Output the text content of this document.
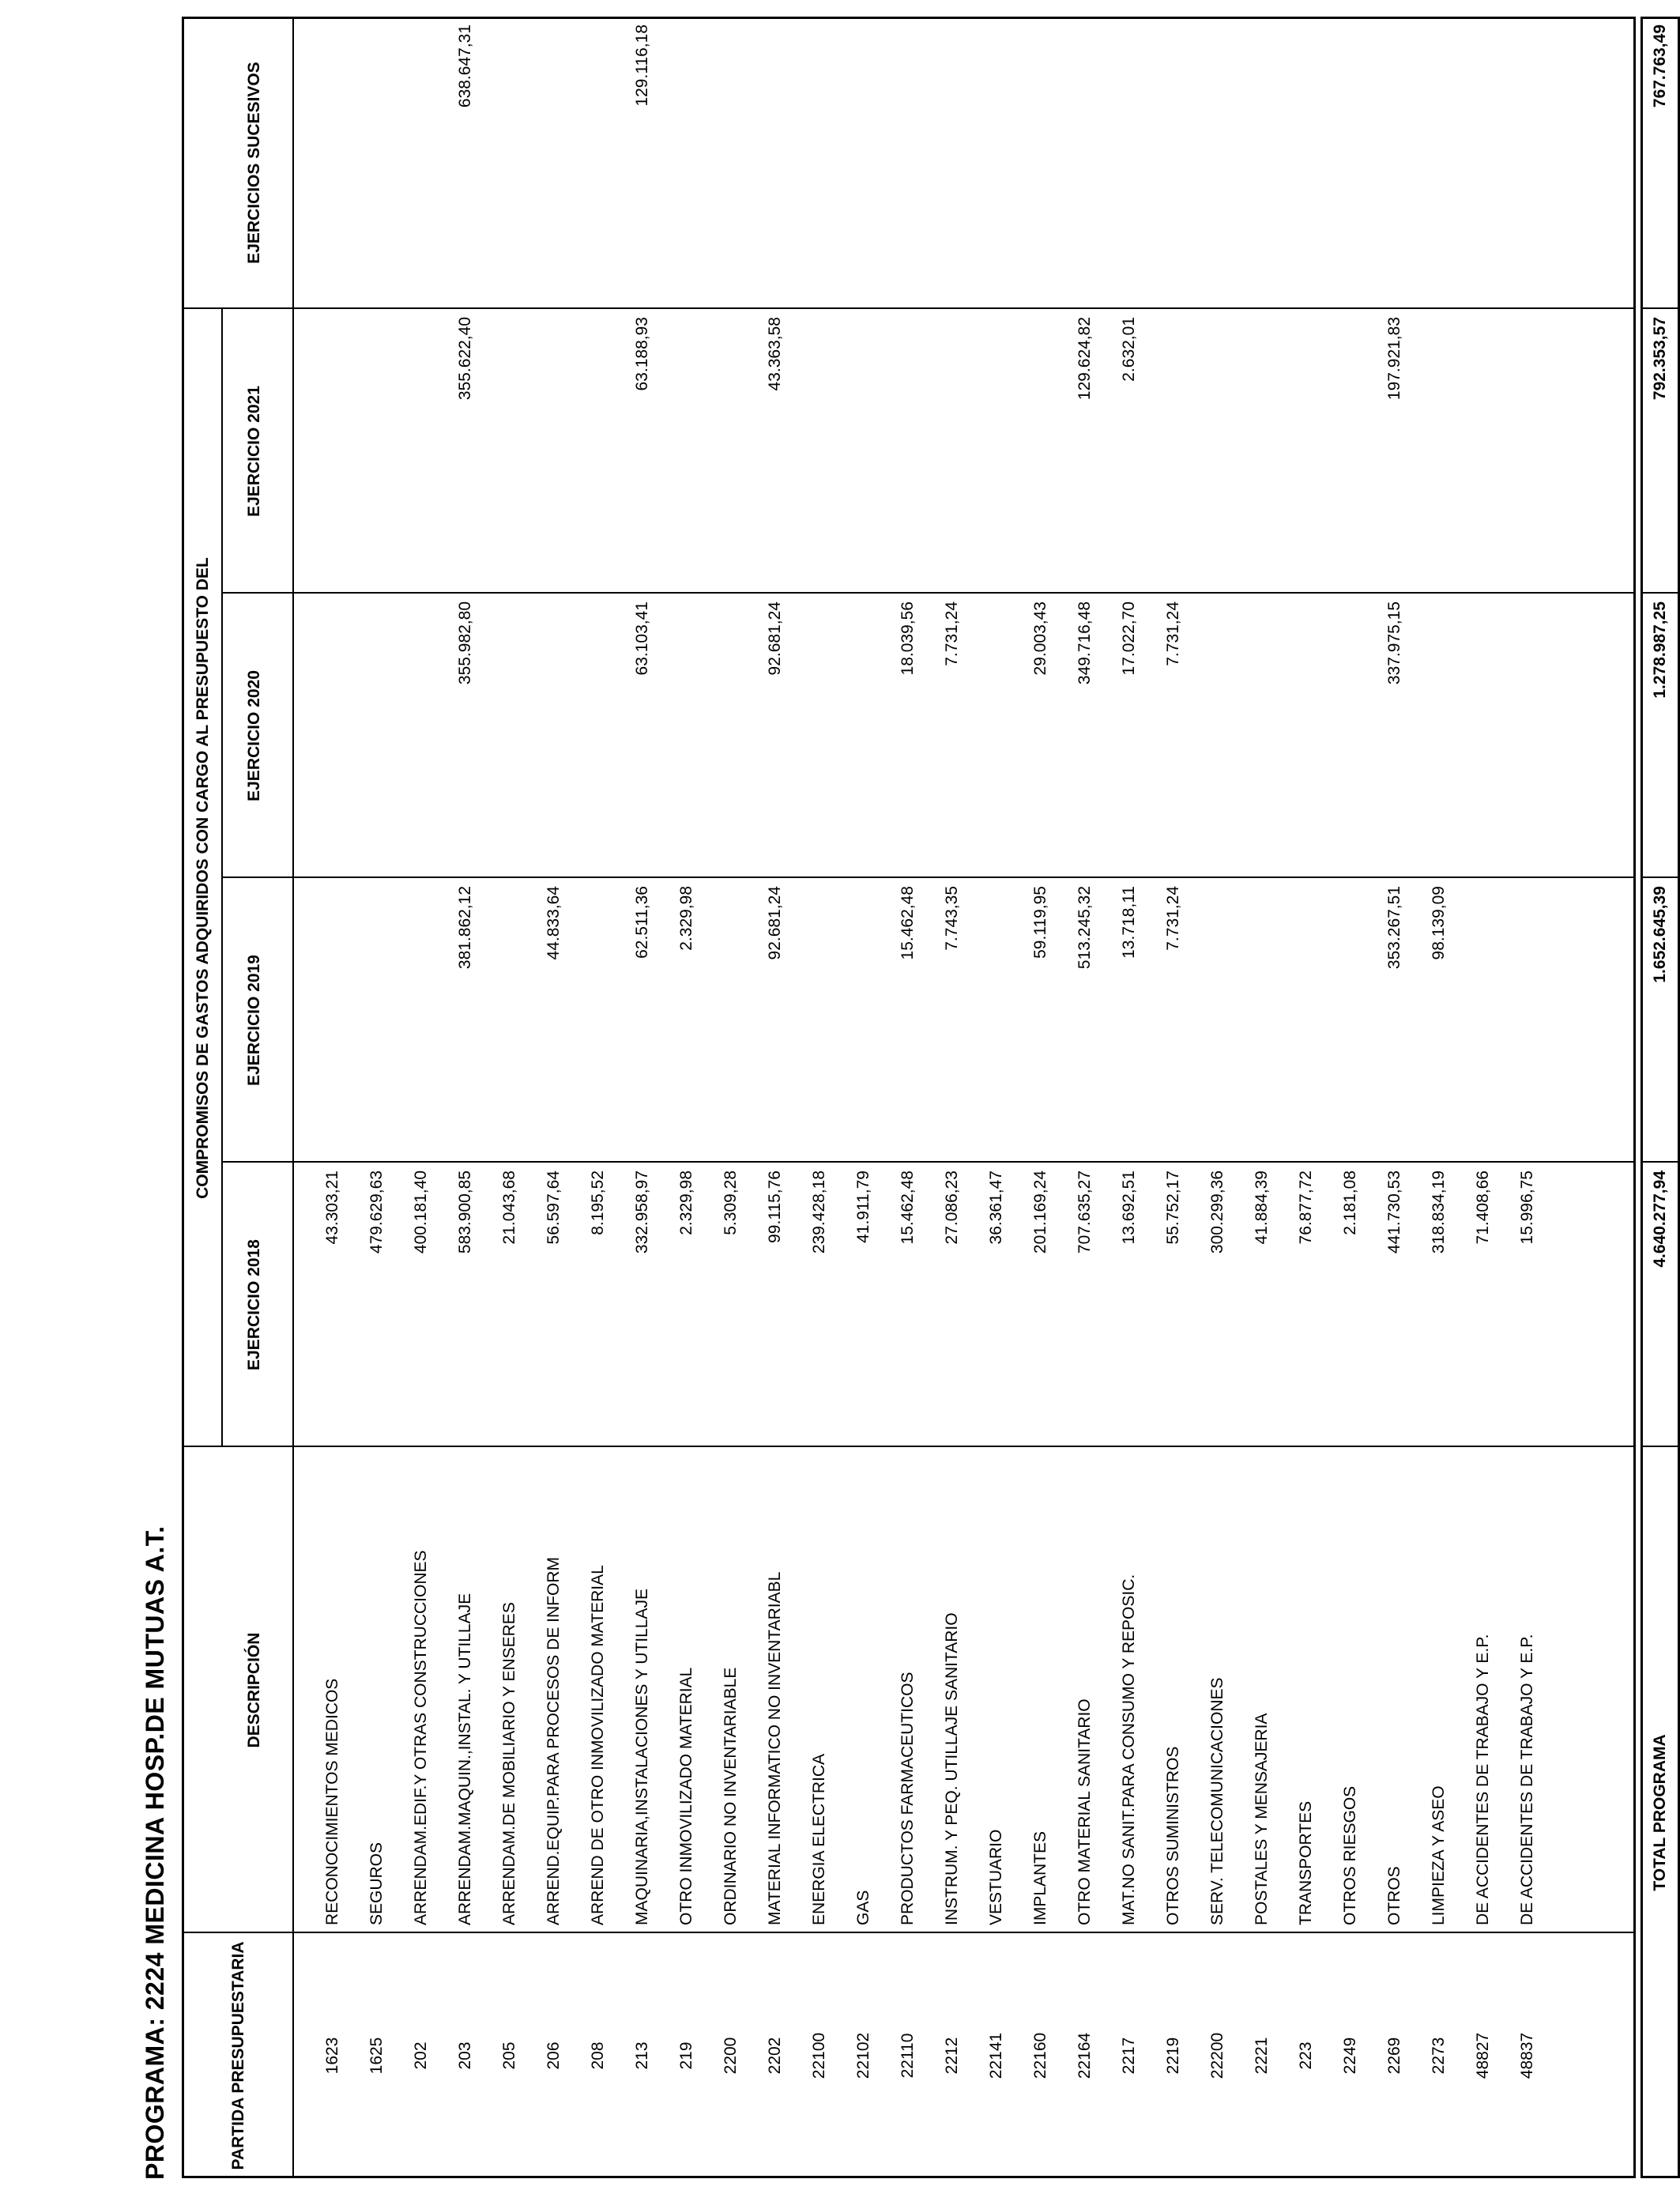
PROGRAMA: 2224 MEDICINA HOSP.DE MUTUAS A.T.	PARTIDA PRESUPUESTARIA
DESCRIPCIÓN
COMPROMISOS DE GASTOS ADQUIRIDOS CON CARGO AL PRESUPUESTO DEL
EJERCICIO 2018
EJERCICIO 2019
EJERCICIO 2020
EJERCICIO 2021
EJERCICIOS SUCESIVOS
1623
RECONOCIMIENTOS MEDICOS
43.303,21
1625
SEGUROS
479.629,63
202
ARRENDAM.EDIF.Y OTRAS CONSTRUCCIONES
400.181,40
203
ARRENDAM.MAQUIN.,INSTAL. Y UTILLAJE
583.900,85
381.862,12
355.982,80
355.622,40
638.647,31
205
ARRENDAM.DE MOBILIARIO Y ENSERES
21.043,68
206
ARREND.EQUIP.PARA PROCESOS DE INFORM
56.597,64
44.833,64
208
ARREND DE OTRO INMOVILIZADO MATERIAL
8.195,52
213
MAQUINARIA,INSTALACIONES Y UTILLAJE
332.958,97
62.511,36
63.103,41
63.188,93
129.116,18
219
OTRO INMOVILIZADO MATERIAL
2.329,98
2.329,98
2200
ORDINARIO NO INVENTARIABLE
5.309,28
2202
MATERIAL INFORMATICO NO INVENTARIABL
99.115,76
92.681,24
92.681,24
43.363,58
22100
ENERGIA ELECTRICA
239.428,18
22102
GAS
41.911,79
22110
PRODUCTOS FARMACEUTICOS
15.462,48
15.462,48
18.039,56
2212
INSTRUM. Y PEQ. UTILLAJE SANITARIO
27.086,23
7.743,35
7.731,24
22141
VESTUARIO
36.361,47
22160
IMPLANTES
201.169,24
59.119,95
29.003,43
22164
OTRO MATERIAL SANITARIO
707.635,27
513.245,32
349.716,48
129.624,82
2217
MAT.NO SANIT.PARA CONSUMO Y REPOSIC.
13.692,51
13.718,11
17.022,70
2.632,01
2219
OTROS SUMINISTROS
55.752,17
7.731,24
7.731,24
22200
SERV. TELECOMUNICACIONES
300.299,36
2221
POSTALES Y MENSAJERIA
41.884,39
223
TRANSPORTES
76.877,72
2249
OTROS RIESGOS
2.181,08
2269
OTROS
441.730,53
353.267,51
337.975,15
197.921,83
2273
LIMPIEZA Y ASEO
318.834,19
98.139,09
48827
DE ACCIDENTES DE TRABAJO Y E.P.
71.408,66
48837
DE ACCIDENTES DE TRABAJO Y E.P.
15.996,75
TOTAL PROGRAMA
4.640.277,94
1.652.645,39
1.278.987,25
792.353,57
767.763,49
